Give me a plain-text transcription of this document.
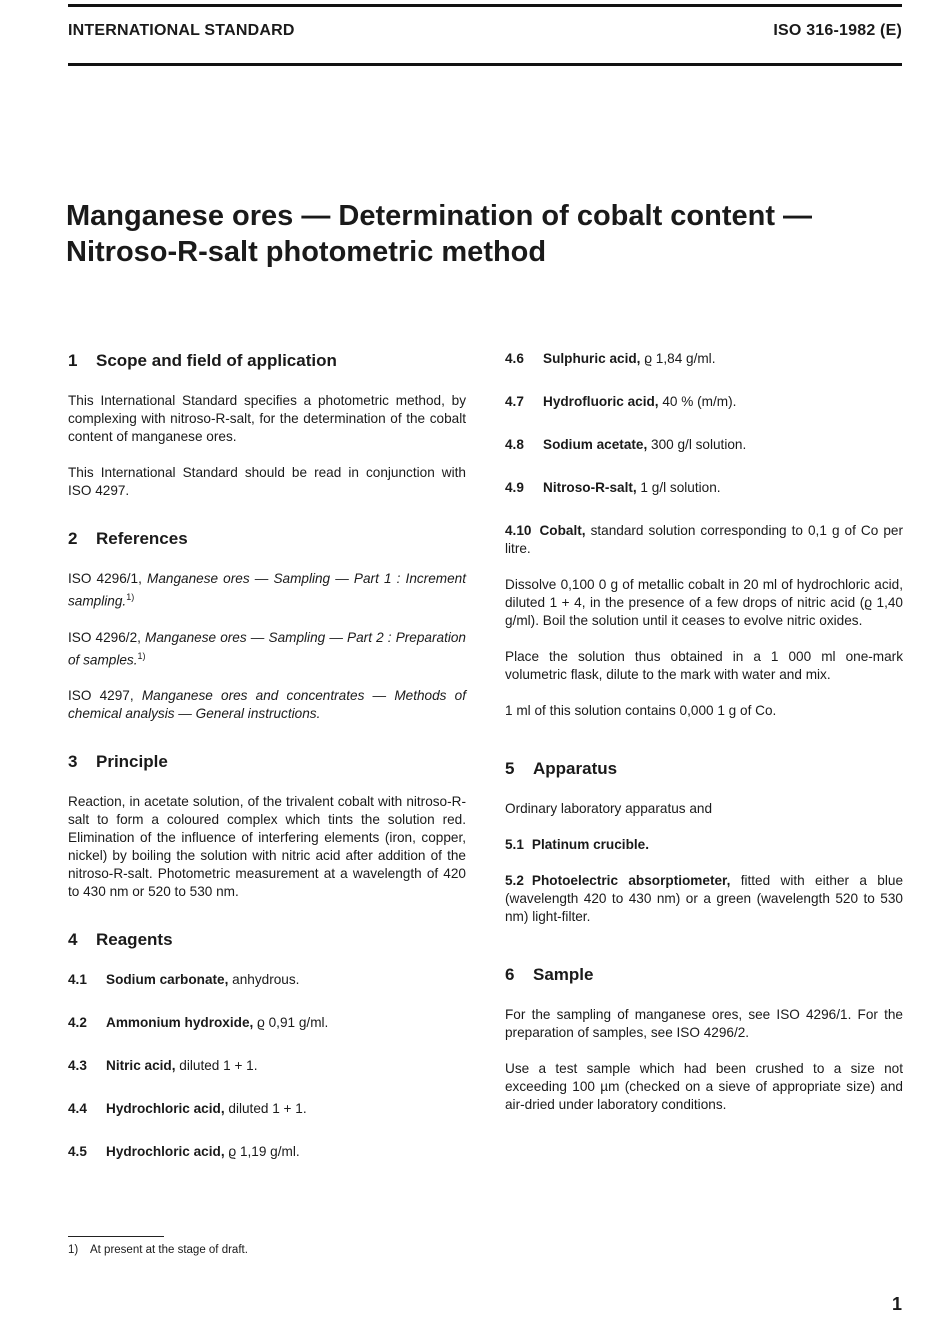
INTERNATIONAL STANDARD	ISO 316-1982 (E)
Manganese ores — Determination of cobalt content —
Nitroso-R-salt photometric method
1 Scope and field of application

This International Standard specifies a photometric method, by complexing with nitroso-R-salt, for the determination of the cobalt content of manganese ores.

This International Standard should be read in conjunction with ISO 4297.

2 References

ISO 4296/1, Manganese ores — Sampling — Part 1 : Increment sampling.$^{1)}$

ISO 4296/2, Manganese ores — Sampling — Part 2 : Preparation of samples.$^{1)}$

ISO 4297, Manganese ores and concentrates — Methods of chemical analysis — General instructions.

3 Principle

Reaction, in acetate solution, of the trivalent cobalt with nitroso-R-salt to form a coloured complex which tints the solution red. Elimination of the influence of interfering elements (iron, copper, nickel) by boiling the solution with nitric acid after addition of the nitroso-R-salt. Photometric measurement at a wavelength of 420 to 430 nm or 520 to 530 nm.

4 Reagents
4.1 Sodium carbonate, anhydrous.
4.2 Ammonium hydroxide, ϱ 0,91 g/ml.
4.3 Nitric acid, diluted 1 + 1.
4.4 Hydrochloric acid, diluted 1 + 1.
4.5 Hydrochloric acid, ϱ 1,19 g/ml.
4.6 Sulphuric acid, ϱ 1,84 g/ml.
4.7 Hydrofluoric acid, 40 % (m/m).
4.8 Sodium acetate, 300 g/l solution.
4.9 Nitroso-R-salt, 1 g/l solution.

4.10 Cobalt, standard solution corresponding to 0,1 g of Co per litre.

Dissolve 0,100 0 g of metallic cobalt in 20 ml of hydrochloric acid, diluted 1 + 4, in the presence of a few drops of nitric acid (ϱ 1,40 g/ml). Boil the solution until it ceases to evolve nitric oxides.

Place the solution thus obtained in a 1 000 ml one-mark volumetric flask, dilute to the mark with water and mix.

1 ml of this solution contains 0,000 1 g of Co.

5 Apparatus

Ordinary laboratory apparatus and

5.1 Platinum crucible.

5.2 Photoelectric absorptiometer, fitted with either a blue (wavelength 420 to 430 nm) or a green (wavelength 520 to 530 nm) light-filter.

6 Sample

For the sampling of manganese ores, see ISO 4296/1. For the preparation of samples, see ISO 4296/2.

Use a test sample which had been crushed to a size not exceeding 100 µm (checked on a sieve of appropriate size) and air-dried under laboratory conditions.

1) At present at the stage of draft.
1
